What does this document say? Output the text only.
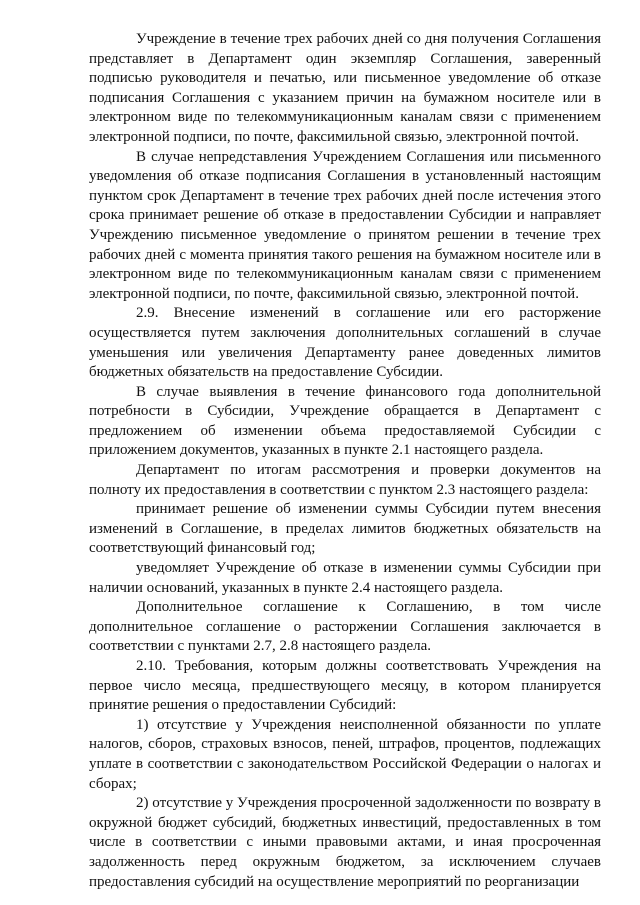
Учреждение в течение трех рабочих дней со дня получения Соглашения представляет в Департамент один экземпляр Соглашения, заверенный подписью руководителя и печатью, или письменное уведомление об отказе подписания Соглашения с указанием причин на бумажном носителе или в электронном виде по телекоммуникационным каналам связи с применением электронной подписи, по почте, факсимильной связью, электронной почтой.

В случае непредставления Учреждением Соглашения или письменного уведомления об отказе подписания Соглашения в установленный настоящим пунктом срок Департамент в течение трех рабочих дней после истечения этого срока принимает решение об отказе в предоставлении Субсидии и направляет Учреждению письменное уведомление о принятом решении в течение трех рабочих дней с момента принятия такого решения на бумажном носителе или в электронном виде по телекоммуникационным каналам связи с применением электронной подписи, по почте, факсимильной связью, электронной почтой.

2.9. Внесение изменений в соглашение или его расторжение осуществляется путем заключения дополнительных соглашений в случае уменьшения или увеличения Департаменту ранее доведенных лимитов бюджетных обязательств на предоставление Субсидии.

В случае выявления в течение финансового года дополнительной потребности в Субсидии, Учреждение обращается в Департамент с предложением об изменении объема предоставляемой Субсидии с приложением документов, указанных в пункте 2.1 настоящего раздела.

Департамент по итогам рассмотрения и проверки документов на полноту их предоставления в соответствии с пунктом 2.3 настоящего раздела:

принимает решение об изменении суммы Субсидии путем внесения изменений в Соглашение, в пределах лимитов бюджетных обязательств на соответствующий финансовый год;

уведомляет Учреждение об отказе в изменении суммы Субсидии при наличии оснований, указанных в пункте 2.4 настоящего раздела.

Дополнительное соглашение к Соглашению, в том числе дополнительное соглашение о расторжении Соглашения заключается в соответствии с пунктами 2.7, 2.8 настоящего раздела.

2.10. Требования, которым должны соответствовать Учреждения на первое число месяца, предшествующего месяцу, в котором планируется принятие решения о предоставлении Субсидий:

1) отсутствие у Учреждения неисполненной обязанности по уплате налогов, сборов, страховых взносов, пеней, штрафов, процентов, подлежащих уплате в соответствии с законодательством Российской Федерации о налогах и сборах;

2) отсутствие у Учреждения просроченной задолженности по возврату в окружной бюджет субсидий, бюджетных инвестиций, предоставленных в том числе в соответствии с иными правовыми актами, и иная просроченная задолженность перед окружным бюджетом, за исключением случаев предоставления субсидий на осуществление мероприятий по реорганизации
